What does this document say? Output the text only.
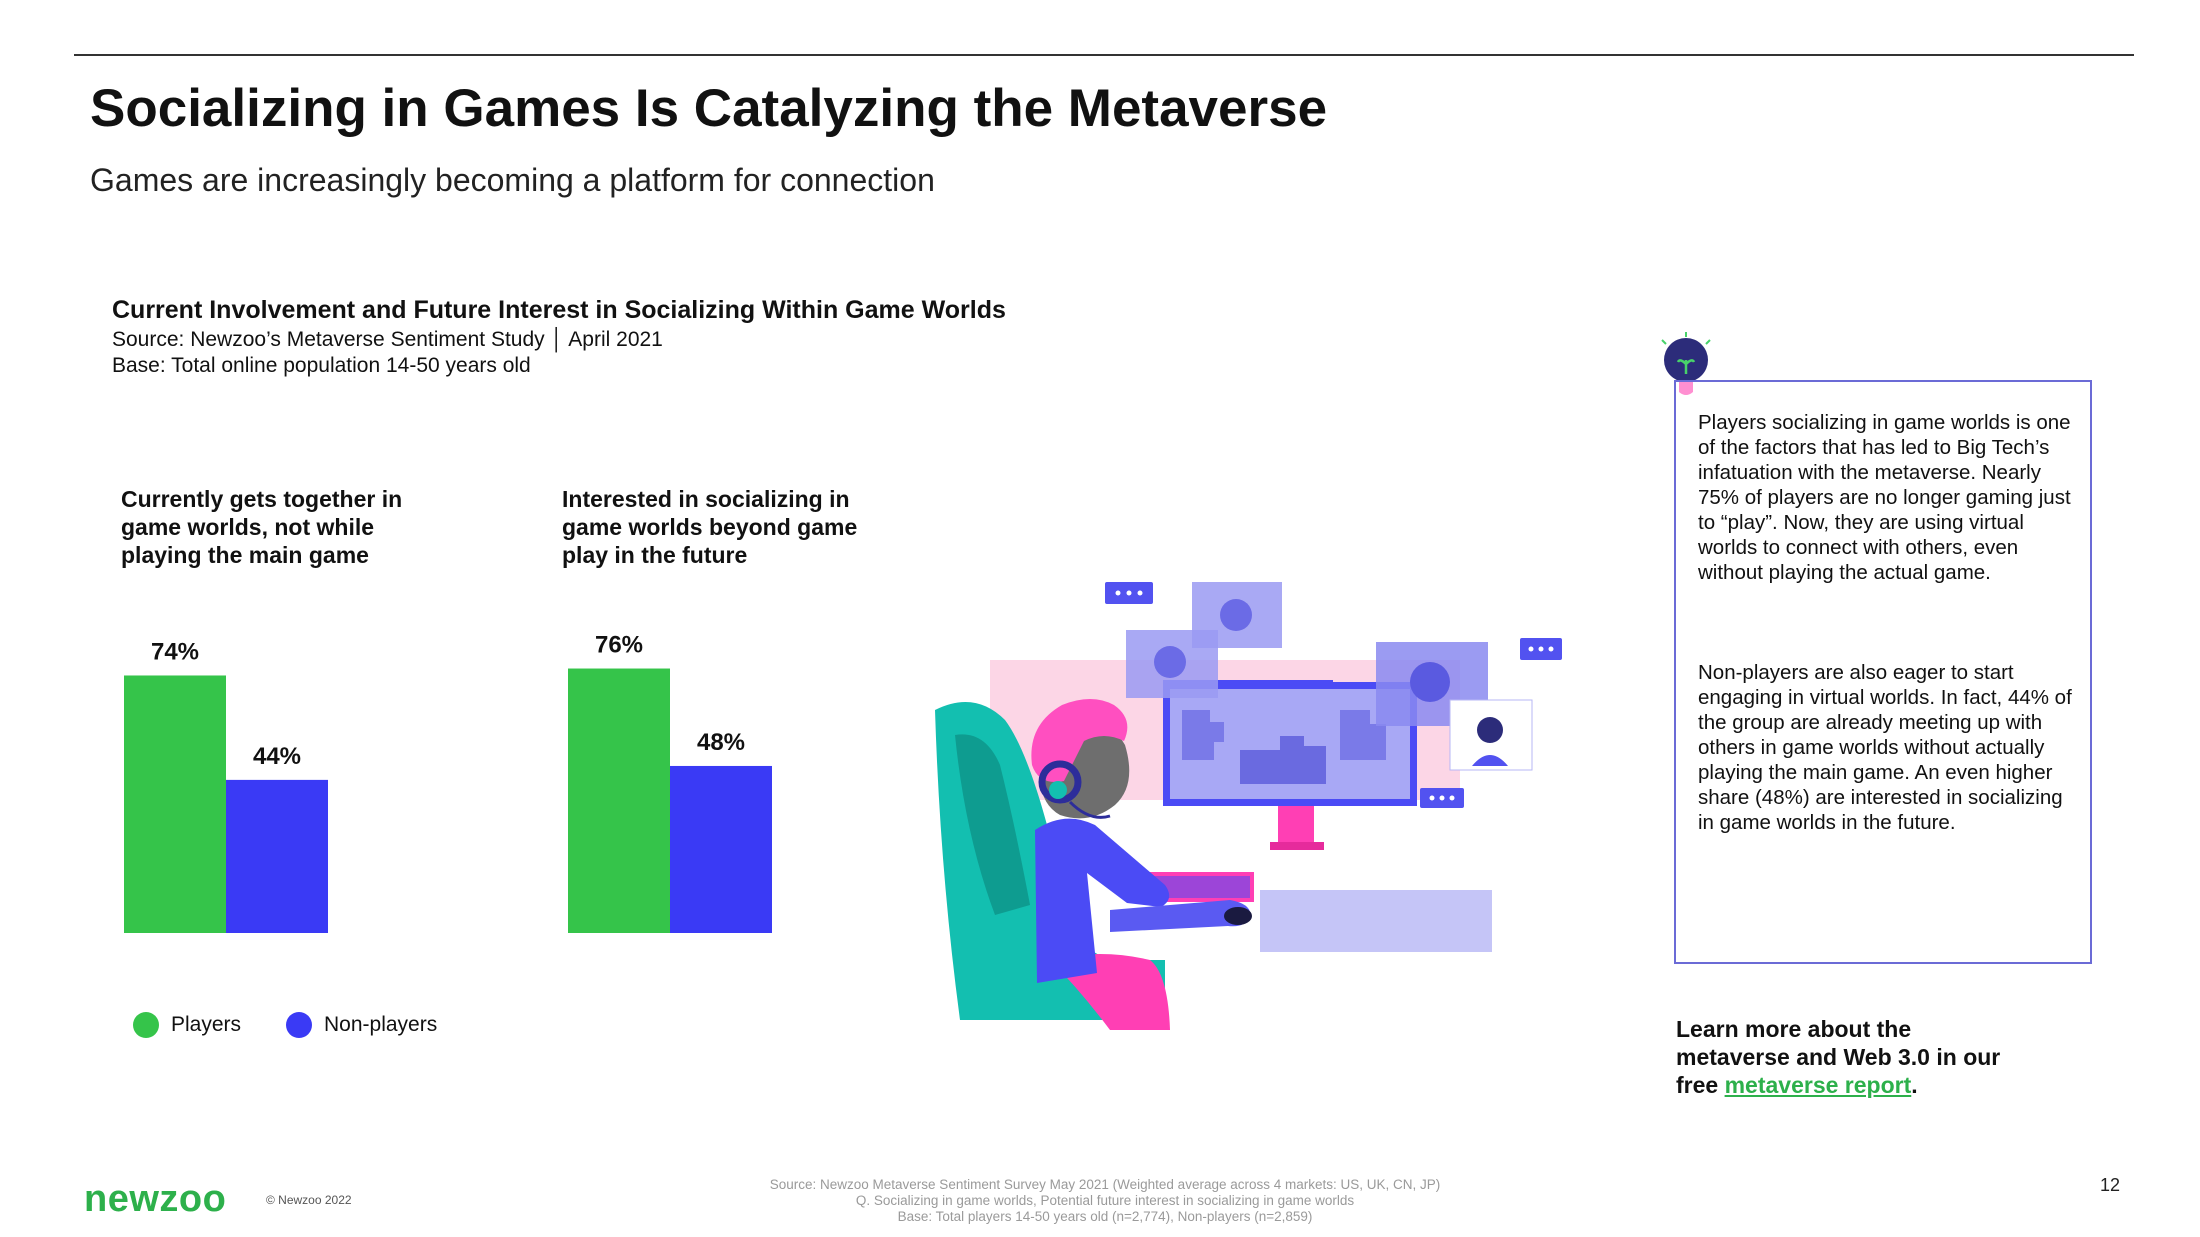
Socializing in Games Is Catalyzing the Metaverse
Games are increasingly becoming a platform for connection
Current Involvement and Future Interest in Socializing Within Game Worlds
Source: Newzoo’s Metaverse Sentiment Study │ April 2021
Base: Total online population 14-50 years old
Currently gets together in game worlds, not while playing the main game
Interested in socializing in game worlds beyond game play in the future
74%
44%
76%
48%
Players	Non-players
Players socializing in game worlds is one of the factors that has led to Big Tech’s infatuation with the metaverse. Nearly 75% of players are no longer gaming just to “play”. Now, they are using virtual worlds to connect with others, even without playing the actual game.
Non-players are also eager to start engaging in virtual worlds. In fact, 44% of the group are already meeting up with others in game worlds without actually playing the main game. An even higher share (48%) are interested in socializing in game worlds in the future.
Learn more about the metaverse and Web 3.0 in our free metaverse report.
newzoo	© Newzoo 2022
Source: Newzoo Metaverse Sentiment Survey May 2021 (Weighted average across 4 markets: US, UK, CN, JP)
Q. Socializing in game worlds, Potential future interest in socializing in game worlds
Base: Total players 14-50 years old (n=2,774), Non-players (n=2,859)
12
